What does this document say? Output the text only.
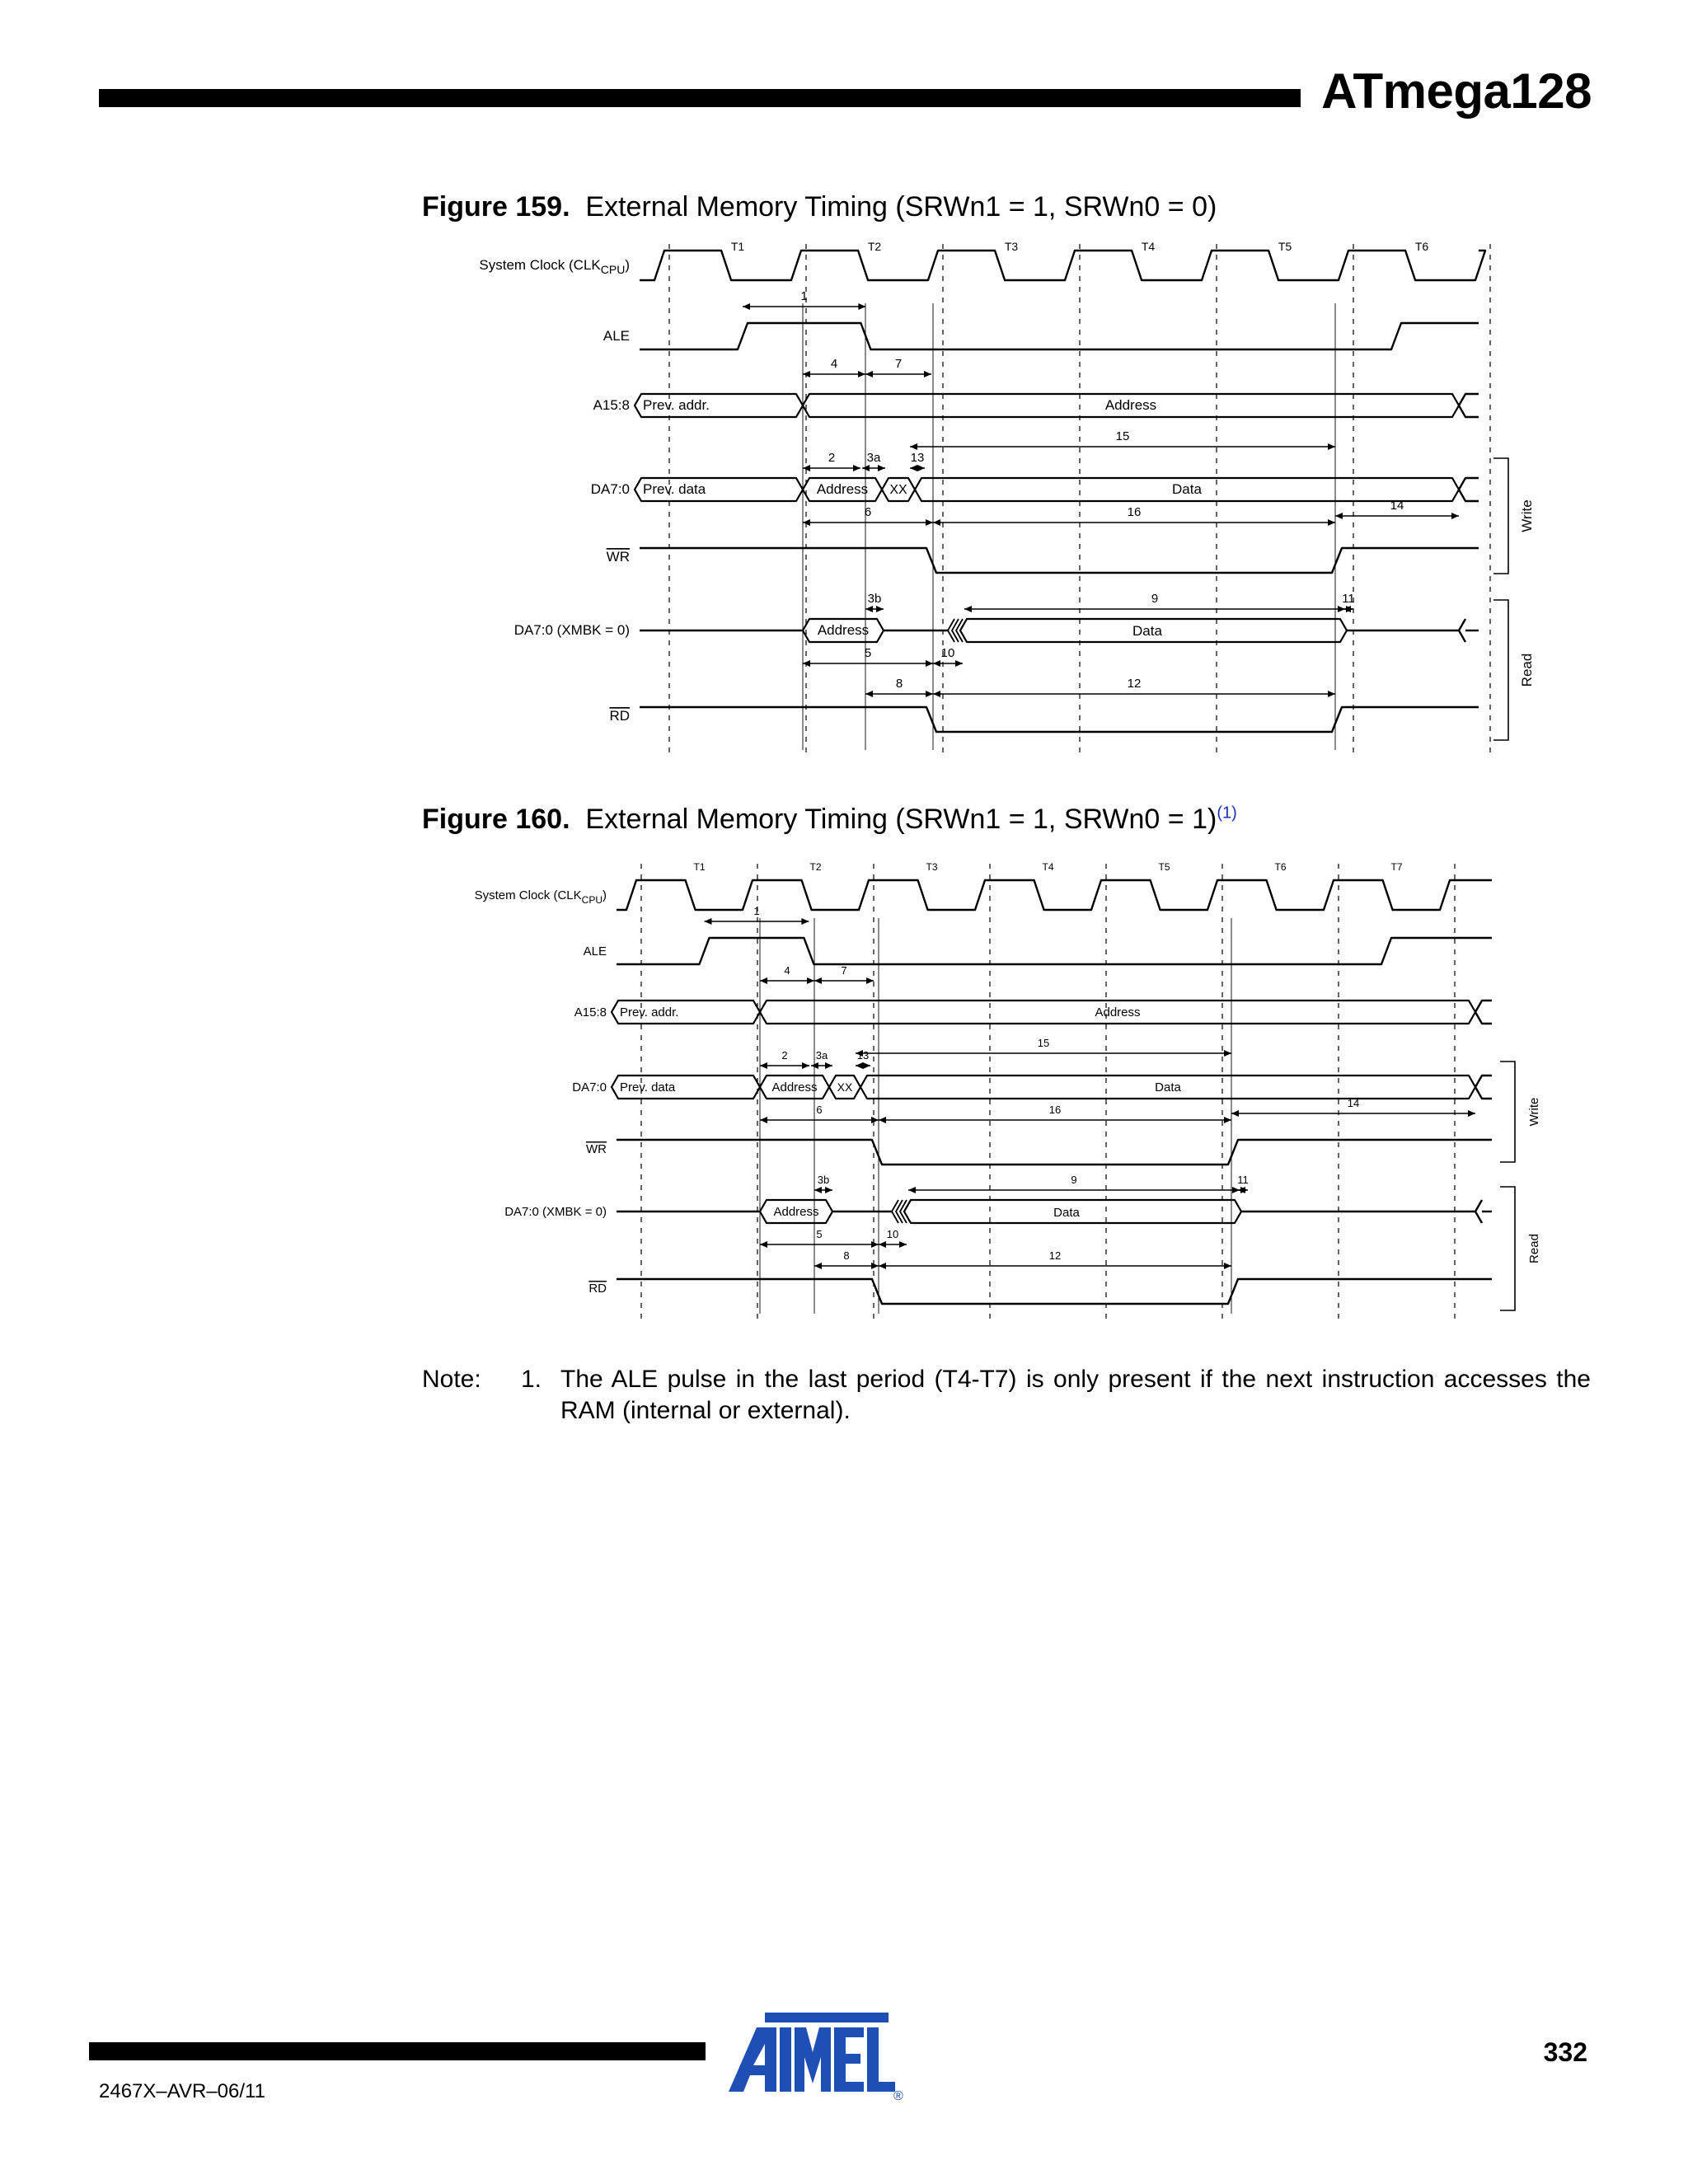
ATmega128
Figure 159. External Memory Timing (SRWn1 = 1, SRWn0 = 0)
T1	T2	T3	T4	T5	T6
System Clock $(CLK_{CPU})$
ALE
A15:8
DA7:0
WR
DA7:0 (XMBK = 0)
RD
Prev. addr.	Address
Prev. data	Address XX	Data
Address	Data
1
4	7
15
2	3a 13
6	16	14
3b	9	11
5	10
8	12
Write
Read
Figure 160. External Memory Timing (SRWn1 = 1, SRWn0 = 1)$^{(1)}$
T1	T2	T3	T4	T5	T6	T7
System Clock $(CLK_{CPU})$
ALE
A15:8
DA7:0
WR
DA7:0 (XMBK = 0)
RD
Prev. addr.	Address
Prev. data	Address XX	Data
Address	Data
1
4	7
15
2	3a	13
6	16
14
3b	9	11
5	10
8	12
Write
Read
Note: 1. The ALE pulse in the last period (T4-T7) is only present if the next instruction accesses the RAM (internal or external).
2467X–AVR–06/11
332
®
